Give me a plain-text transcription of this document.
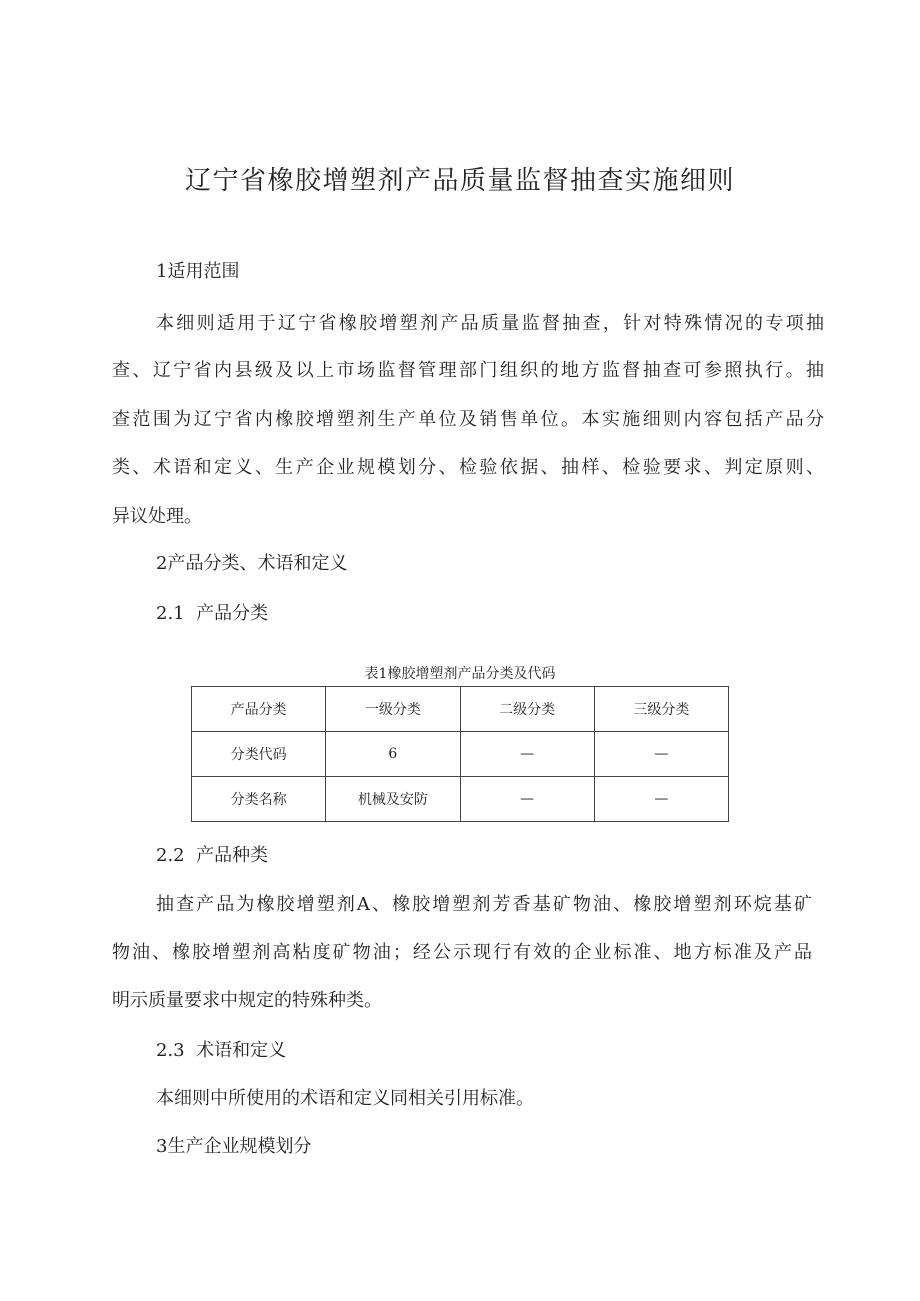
辽宁省橡胶增塑剂产品质量监督抽查实施细则

1适用范围

本细则适用于辽宁省橡胶增塑剂产品质量监督抽查，针对特殊情况的专项抽
查、辽宁省内县级及以上市场监督管理部门组织的地方监督抽查可参照执行。抽
查范围为辽宁省内橡胶增塑剂生产单位及销售单位。本实施细则内容包括产品分
类、术语和定义、生产企业规模划分、检验依据、抽样、检验要求、判定原则、

异议处理。

2产品分类、术语和定义

2.1  产品分类

表1橡胶增塑剂产品分类及代码
产品分类	一级分类	二级分类	三级分类
分类代码	6	—	—
分类名称	机械及安防	—	—

2.2  产品种类

抽查产品为橡胶增塑剂A、橡胶增塑剂芳香基矿物油、橡胶增塑剂环烷基矿
物油、橡胶增塑剂高粘度矿物油；经公示现行有效的企业标准、地方标准及产品

明示质量要求中规定的特殊种类。

2.3  术语和定义

本细则中所使用的术语和定义同相关引用标准。

3生产企业规模划分
